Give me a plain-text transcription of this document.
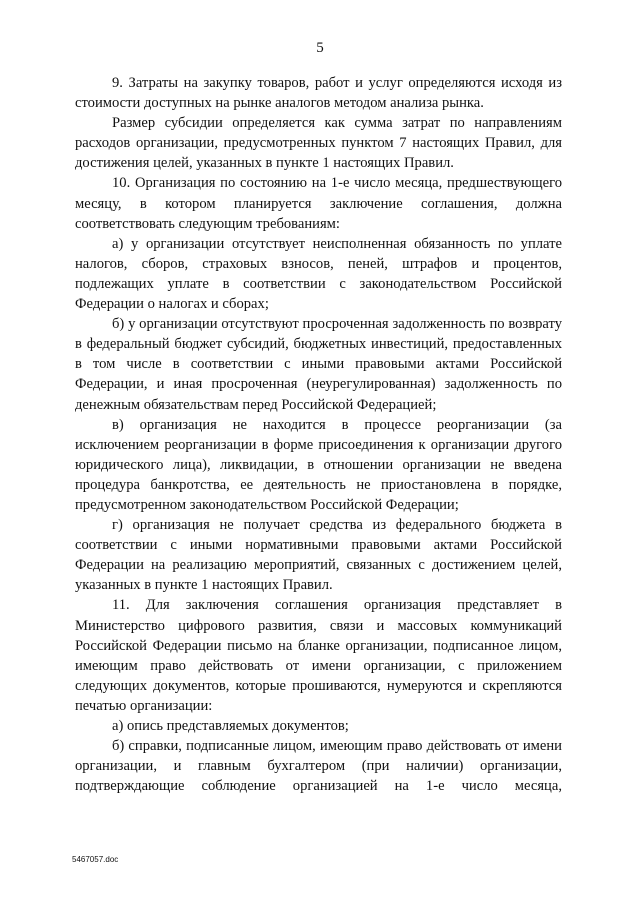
5

9. Затраты на закупку товаров, работ и услуг определяются исходя из стоимости доступных на рынке аналогов методом анализа рынка.

Размер субсидии определяется как сумма затрат по направлениям расходов организации, предусмотренных пунктом 7 настоящих Правил, для достижения целей, указанных в пункте 1 настоящих Правил.

10. Организация по состоянию на 1-е число месяца, предшествующего месяцу, в котором планируется заключение соглашения, должна соответствовать следующим требованиям:

а) у организации отсутствует неисполненная обязанность по уплате налогов, сборов, страховых взносов, пеней, штрафов и процентов, подлежащих уплате в соответствии с законодательством Российской Федерации о налогах и сборах;

б) у организации отсутствуют просроченная задолженность по возврату в федеральный бюджет субсидий, бюджетных инвестиций, предоставленных в том числе в соответствии с иными правовыми актами Российской Федерации, и иная просроченная (неурегулированная) задолженность по денежным обязательствам перед Российской Федерацией;

в) организация не находится в процессе реорганизации (за исключением реорганизации в форме присоединения к организации другого юридического лица), ликвидации, в отношении организации не введена процедура банкротства, ее деятельность не приостановлена в порядке, предусмотренном законодательством Российской Федерации;

г) организация не получает средства из федерального бюджета в соответствии с иными нормативными правовыми актами Российской Федерации на реализацию мероприятий, связанных с достижением целей, указанных в пункте 1 настоящих Правил.

11. Для заключения соглашения организация представляет в Министерство цифрового развития, связи и массовых коммуникаций Российской Федерации письмо на бланке организации, подписанное лицом, имеющим право действовать от имени организации, с приложением следующих документов, которые прошиваются, нумеруются и скрепляются печатью организации:

а) опись представляемых документов;

б) справки, подписанные лицом, имеющим право действовать от имени организации, и главным бухгалтером (при наличии) организации, подтверждающие соблюдение организацией на 1-е число месяца,

5467057.doc
